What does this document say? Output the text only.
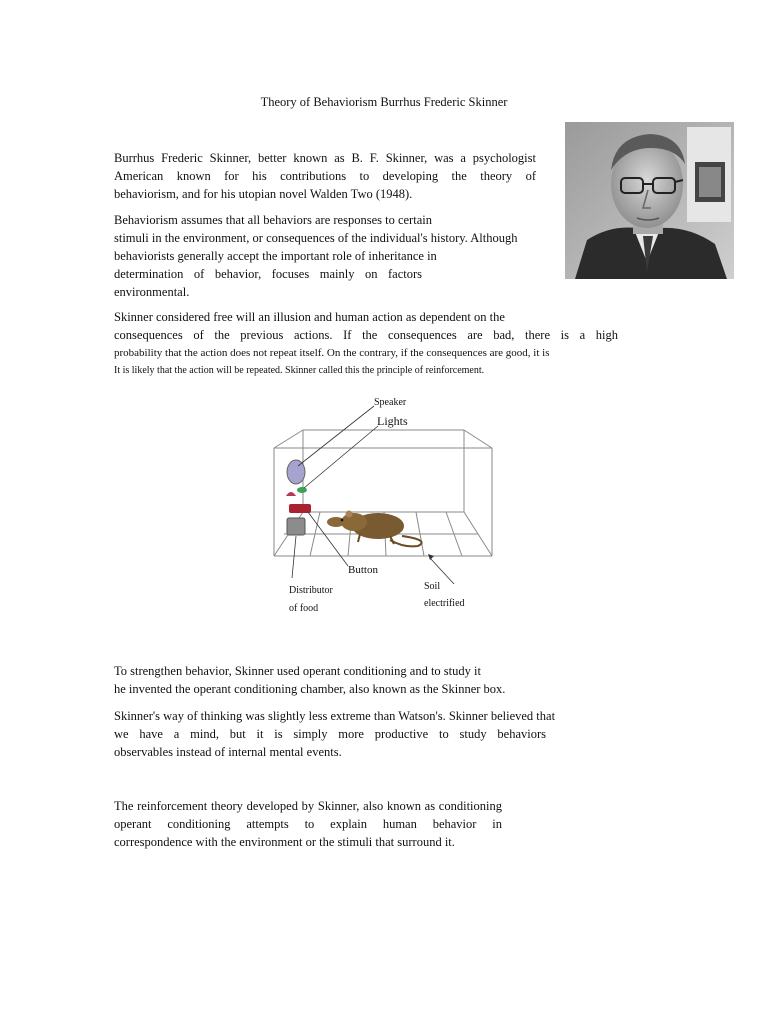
Theory of Behaviorism Burrhus Frederic Skinner
Burrhus Frederic Skinner, better known as B. F. Skinner, was a psychologist
American known for his contributions to developing the theory of
behaviorism, and for his utopian novel Walden Two (1948).
Behaviorism assumes that all behaviors are responses to certain
stimuli in the environment, or consequences of the individual's history. Although
behaviorists generally accept the important role of inheritance in
determination of behavior, focuses mainly on factors
environmental.
Skinner considered free will an illusion and human action as dependent on the
consequences of the previous actions. If the consequences are bad, there is a high
probability that the action does not repeat itself. On the contrary, if the consequences are good, it is
It is likely that the action will be repeated. Skinner called this the principle of reinforcement.
Speaker
Lights
Button
Distributor
of food
Soil
electrified
To strengthen behavior, Skinner used operant conditioning and to study it
he invented the operant conditioning chamber, also known as the Skinner box.
Skinner's way of thinking was slightly less extreme than Watson's. Skinner believed that
we have a mind, but it is simply more productive to study behaviors
observables instead of internal mental events.
The reinforcement theory developed by Skinner, also known as conditioning
operant conditioning attempts to explain human behavior in
correspondence with the environment or the stimuli that surround it.
